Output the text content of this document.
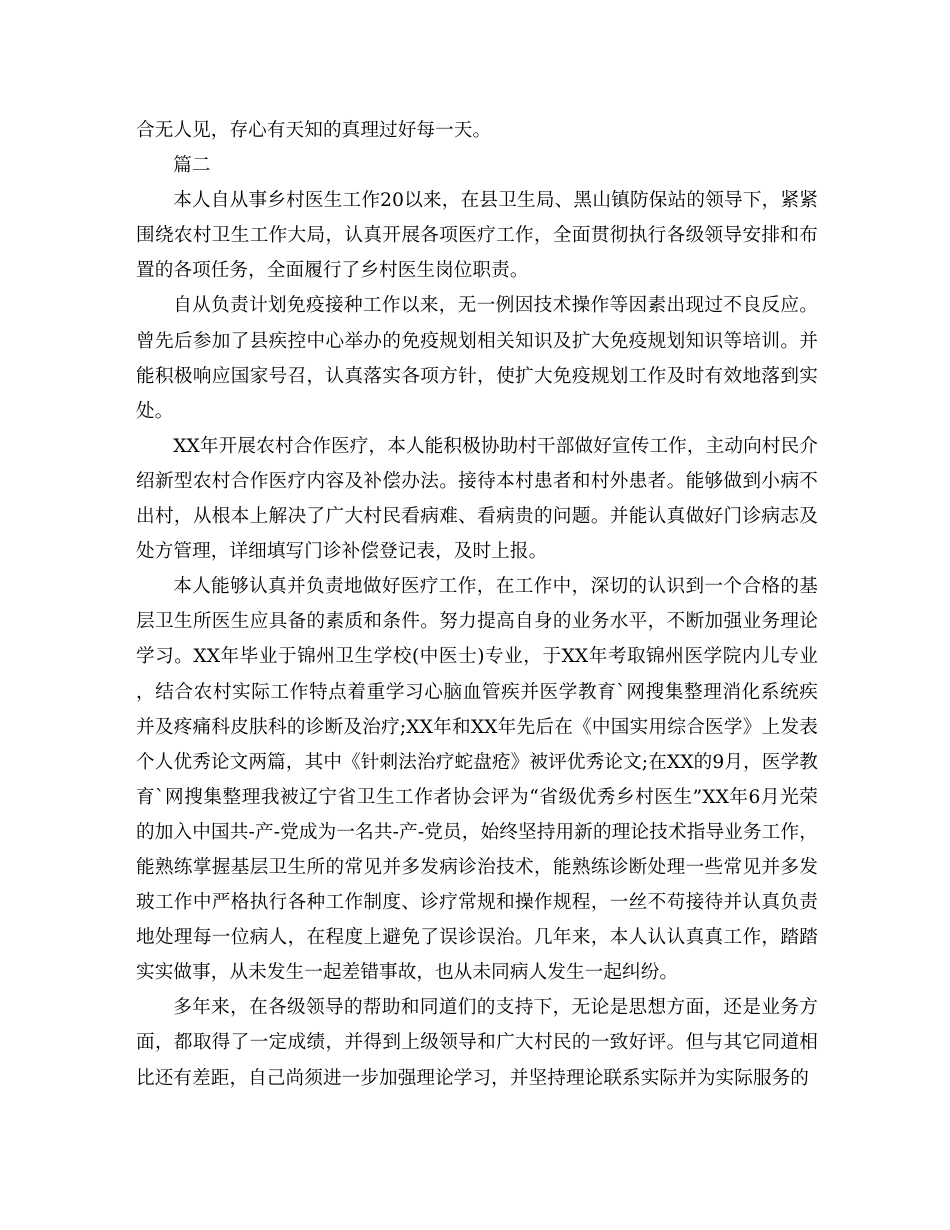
合无人见，存心有天知的真理过好每一天。

篇二

本人自从事乡村医生工作20以来，在县卫生局、黑山镇防保站的领导下，紧紧围绕农村卫生工作大局，认真开展各项医疗工作，全面贯彻执行各级领导安排和布置的各项任务，全面履行了乡村医生岗位职责。

自从负责计划免疫接种工作以来，无一例因技术操作等因素出现过不良反应。曾先后参加了县疾控中心举办的免疫规划相关知识及扩大免疫规划知识等培训。并能积极响应国家号召，认真落实各项方针，使扩大免疫规划工作及时有效地落到实处。

XX年开展农村合作医疗，本人能积极协助村干部做好宣传工作，主动向村民介绍新型农村合作医疗内容及补偿办法。接待本村患者和村外患者。能够做到小病不出村，从根本上解决了广大村民看病难、看病贵的问题。并能认真做好门诊病志及处方管理，详细填写门诊补偿登记表，及时上报。

本人能够认真并负责地做好医疗工作，在工作中，深切的认识到一个合格的基层卫生所医生应具备的素质和条件。努力提高自身的业务水平，不断加强业务理论学习。XX年毕业于锦州卫生学校(中医士)专业，于XX年考取锦州医学院内儿专业，结合农村实际工作特点着重学习心脑血管疾并医学教育`网搜集整理消化系统疾并及疼痛科皮肤科的诊断及治疗;XX年和XX年先后在《中国实用综合医学》上发表个人优秀论文两篇，其中《针刺法治疗蛇盘疮》被评优秀论文;在XX的9月，医学教育`网搜集整理我被辽宁省卫生工作者协会评为“省级优秀乡村医生”XX年6月光荣的加入中国共-产-党成为一名共-产-党员，始终坚持用新的理论技术指导业务工作，能熟练掌握基层卫生所的常见并多发病诊治技术，能熟练诊断处理一些常见并多发玻工作中严格执行各种工作制度、诊疗常规和操作规程，一丝不苟接待并认真负责地处理每一位病人，在程度上避免了误诊误治。几年来，本人认认真真工作，踏踏实实做事，从未发生一起差错事故，也从未同病人发生一起纠纷。

多年来，在各级领导的帮助和同道们的支持下，无论是思想方面，还是业务方面，都取得了一定成绩，并得到上级领导和广大村民的一致好评。但与其它同道相比还有差距，自己尚须进一步加强理论学习，并坚持理论联系实际并为实际服务的
